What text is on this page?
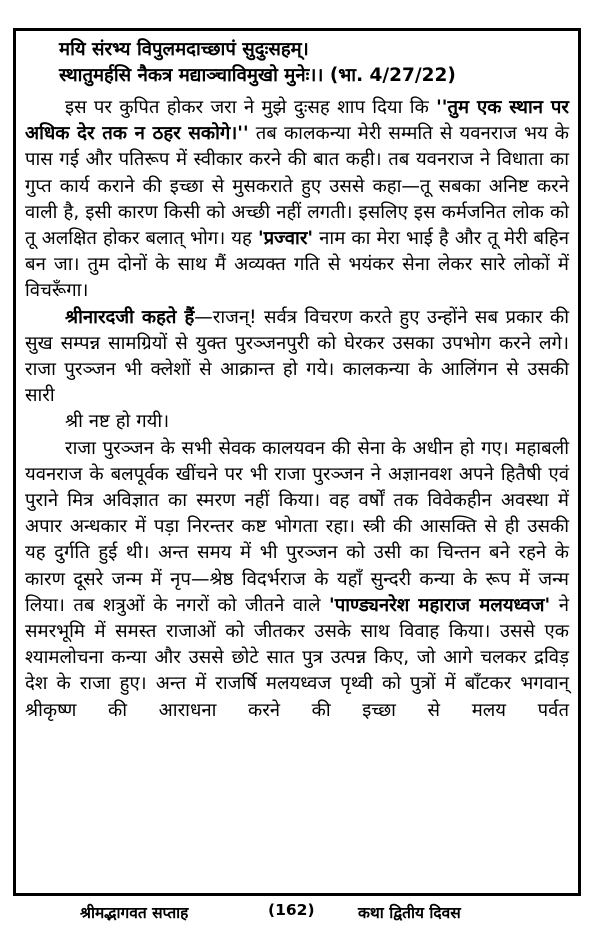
मयि संरभ्य विपुलमदाच्छापं सुदुःसहम्।
स्थातुमर्हसि नैकत्र मद्याञ्चाविमुखो मुनेः।। (भा. 4/27/22)

इस पर कुपित होकर जरा ने मुझे दुःसह शाप दिया कि ''तुम एक स्थान पर अधिक देर तक न ठहर सकोगे।'' तब कालकन्या मेरी सम्मति से यवनराज भय के पास गई और पतिरूप में स्वीकार करने की बात कही। तब यवनराज ने विधाता का गुप्त कार्य कराने की इच्छा से मुसकराते हुए उससे कहा—तू सबका अनिष्ट करने वाली है, इसी कारण किसी को अच्छी नहीं लगती। इसलिए इस कर्मजनित लोक को तू अलक्षित होकर बलात् भोग। यह 'प्रज्वार' नाम का मेरा भाई है और तू मेरी बहिन बन जा। तुम दोनों के साथ मैं अव्यक्त गति से भयंकर सेना लेकर सारे लोकों में विचरूँगा।

श्रीनारदजी कहते हैं—राजन्! सर्वत्र विचरण करते हुए उन्होंने सब प्रकार की सुख सम्पन्न सामग्रियों से युक्त पुरञ्जनपुरी को घेरकर उसका उपभोग करने लगे। राजा पुरञ्जन भी क्लेशों से आक्रान्त हो गये। कालकन्या के आलिंगन से उसकी सारी
श्री नष्ट हो गयी।

राजा पुरञ्जन के सभी सेवक कालयवन की सेना के अधीन हो गए। महाबली यवनराज के बलपूर्वक खींचने पर भी राजा पुरञ्जन ने अज्ञानवश अपने हितैषी एवं पुराने मित्र अविज्ञात का स्मरण नहीं किया। वह वर्षों तक विवेकहीन अवस्था में अपार अन्धकार में पड़ा निरन्तर कष्ट भोगता रहा। स्त्री की आसक्ति से ही उसकी यह दुर्गति हुई थी। अन्त समय में भी पुरञ्जन को उसी का चिन्तन बने रहने के कारण दूसरे जन्म में नृप—श्रेष्ठ विदर्भराज के यहाँ सुन्दरी कन्या के रूप में जन्म लिया। तब शत्रुओं के नगरों को जीतने वाले 'पाण्ड्यनरेश महाराज मलयध्वज' ने समरभूमि में समस्त राजाओं को जीतकर उसके साथ विवाह किया। उससे एक श्यामलोचना कन्या और उससे छोटे सात पुत्र उत्पन्न किए, जो आगे चलकर द्रविड़ देश के राजा हुए। अन्त में राजर्षि मलयध्वज पृथ्वी को पुत्रों में बाँटकर भगवान् श्रीकृष्ण की आराधना करने की इच्छा से मलय पर्वत

श्रीमद्भागवत सप्ताह	(162)	कथा द्वितीय दिवस
